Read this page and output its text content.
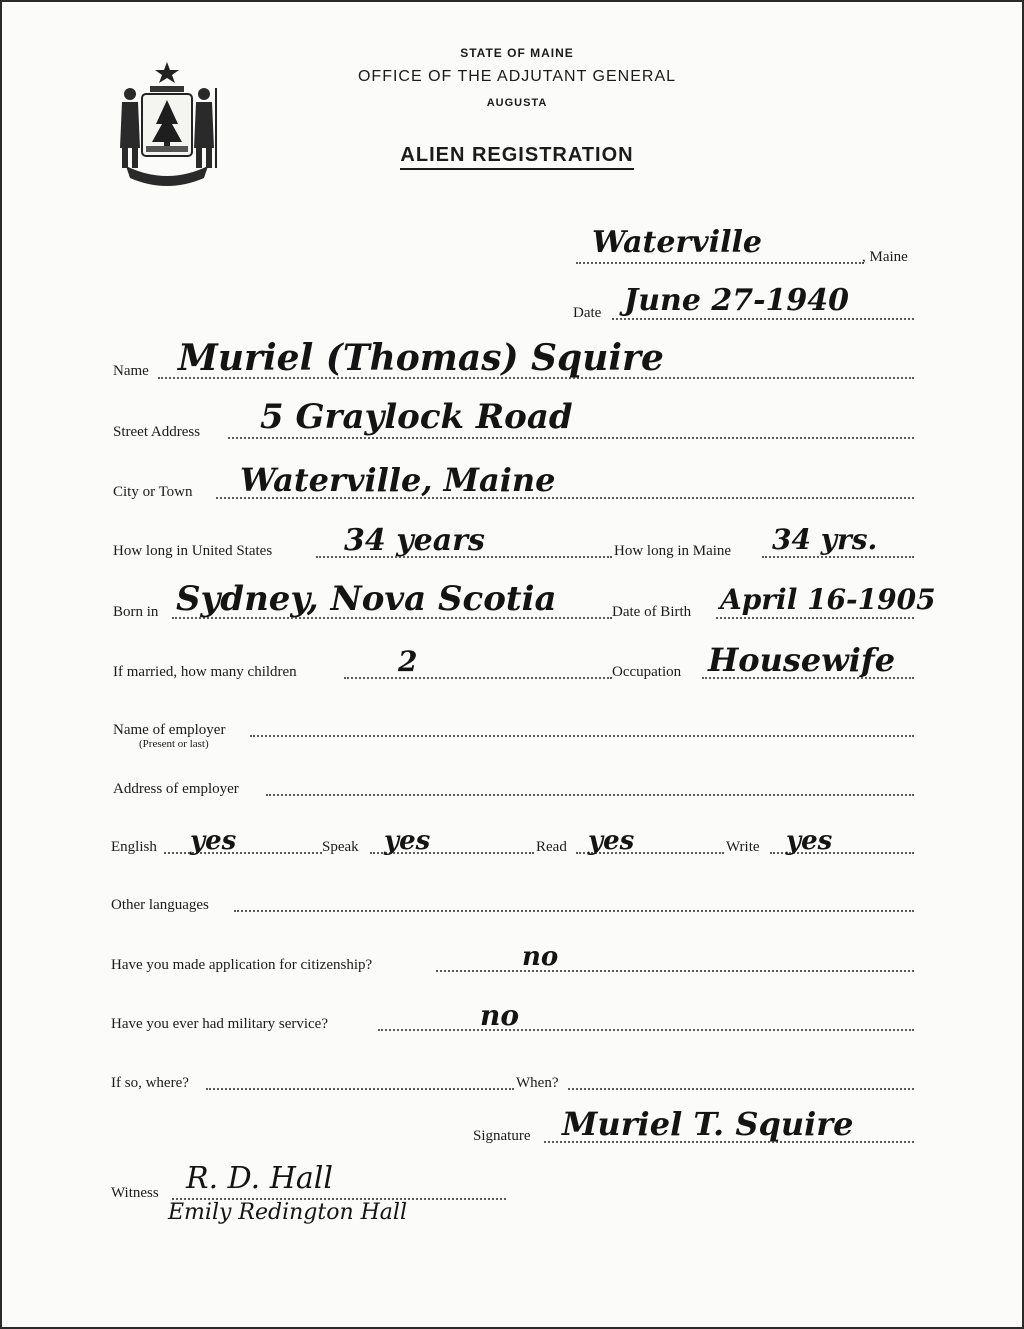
STATE OF MAINE
OFFICE OF THE ADJUTANT GENERAL
AUGUSTA
ALIEN REGISTRATION
Waterville	, Maine
Date June 27-1940
Name Muriel (Thomas) Squire
Street Address 5 Graylock Road
City or Town Waterville, Maine
How long in United States 34 years	How long in Maine 34 yrs.
Born in Sydney, Nova Scotia	Date of Birth April 16-1905
If married, how many children	2	Occupation Housewife
Name of employer
(Present or last)
Address of employer
English yes	Speak yes	Read yes	Write yes
Other languages
Have you made application for citizenship?	no
Have you ever had military service?	no
If so, where?	When?
Signature Muriel T. Squire
Witness R. D. Hall
Emily Redington Hall
